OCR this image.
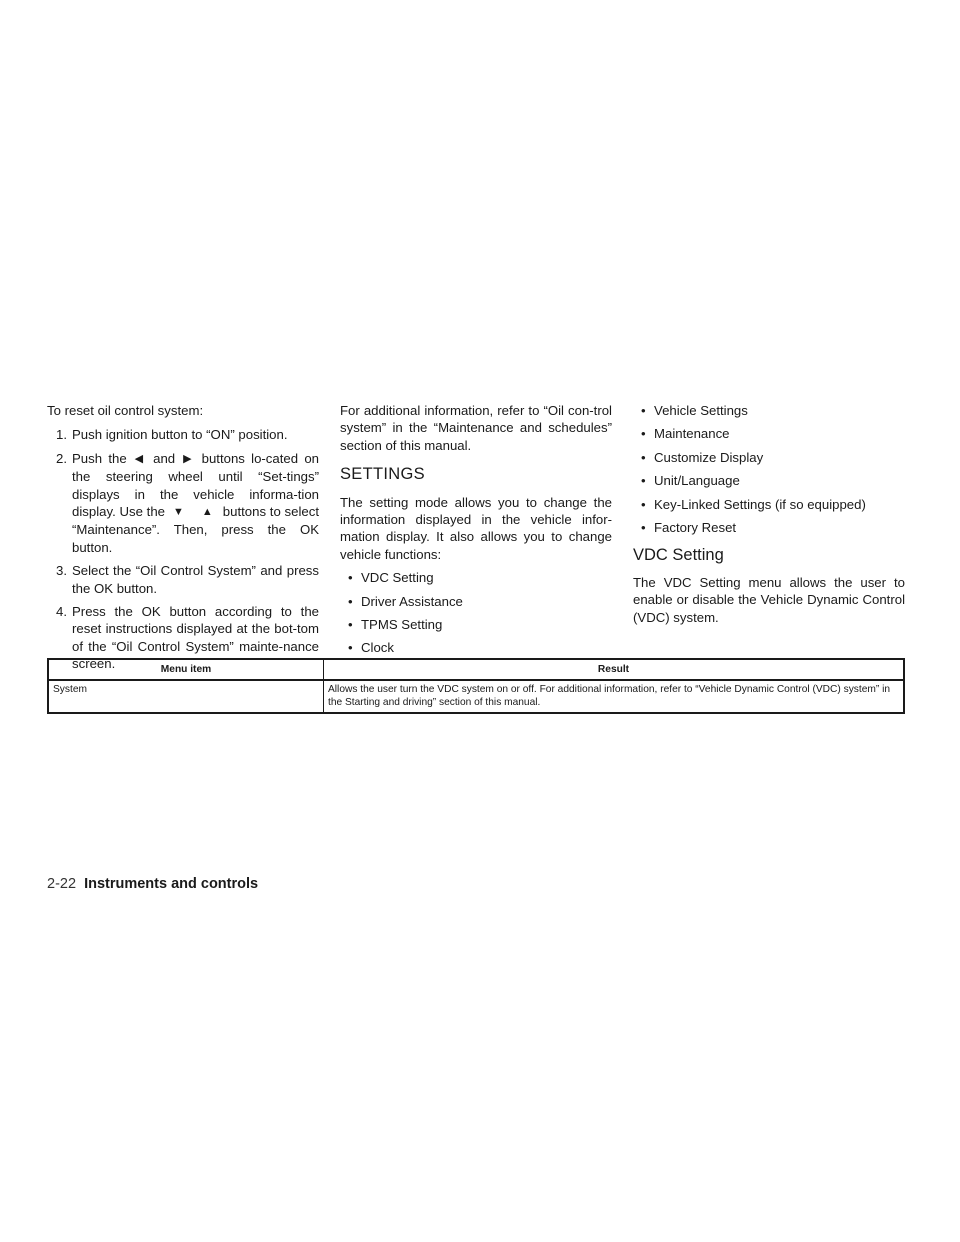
To reset oil control system:

1. Push ignition button to “ON” position.
2. Push the ◀ and ▶ buttons lo-cated on the steering wheel until “Set-tings” displays in the vehicle informa-tion display. Use the ▼ ▲ buttons to select “Maintenance”. Then, press the OK button.
3. Select the “Oil Control System” and press the OK button.
4. Press the OK button according to the reset instructions displayed at the bot-tom of the “Oil Control System” mainte-nance screen.

For additional information, refer to “Oil con-trol system” in the “Maintenance and schedules” section of this manual.

SETTINGS

The setting mode allows you to change the information displayed in the vehicle infor-mation display. It also allows you to change vehicle functions:

• VDC Setting
• Driver Assistance
• TPMS Setting
• Clock
• Vehicle Settings
• Maintenance
• Customize Display
• Unit/Language
• Key-Linked Settings (if so equipped)
• Factory Reset
VDC Setting

The VDC Setting menu allows the user to enable or disable the Vehicle Dynamic Control (VDC) system.

Menu item	Result
System	Allows the user turn the VDC system on or off. For additional information, refer to “Vehicle Dynamic Control (VDC) system” in the Starting and driving” section of this manual.
2-22 Instruments and controls
